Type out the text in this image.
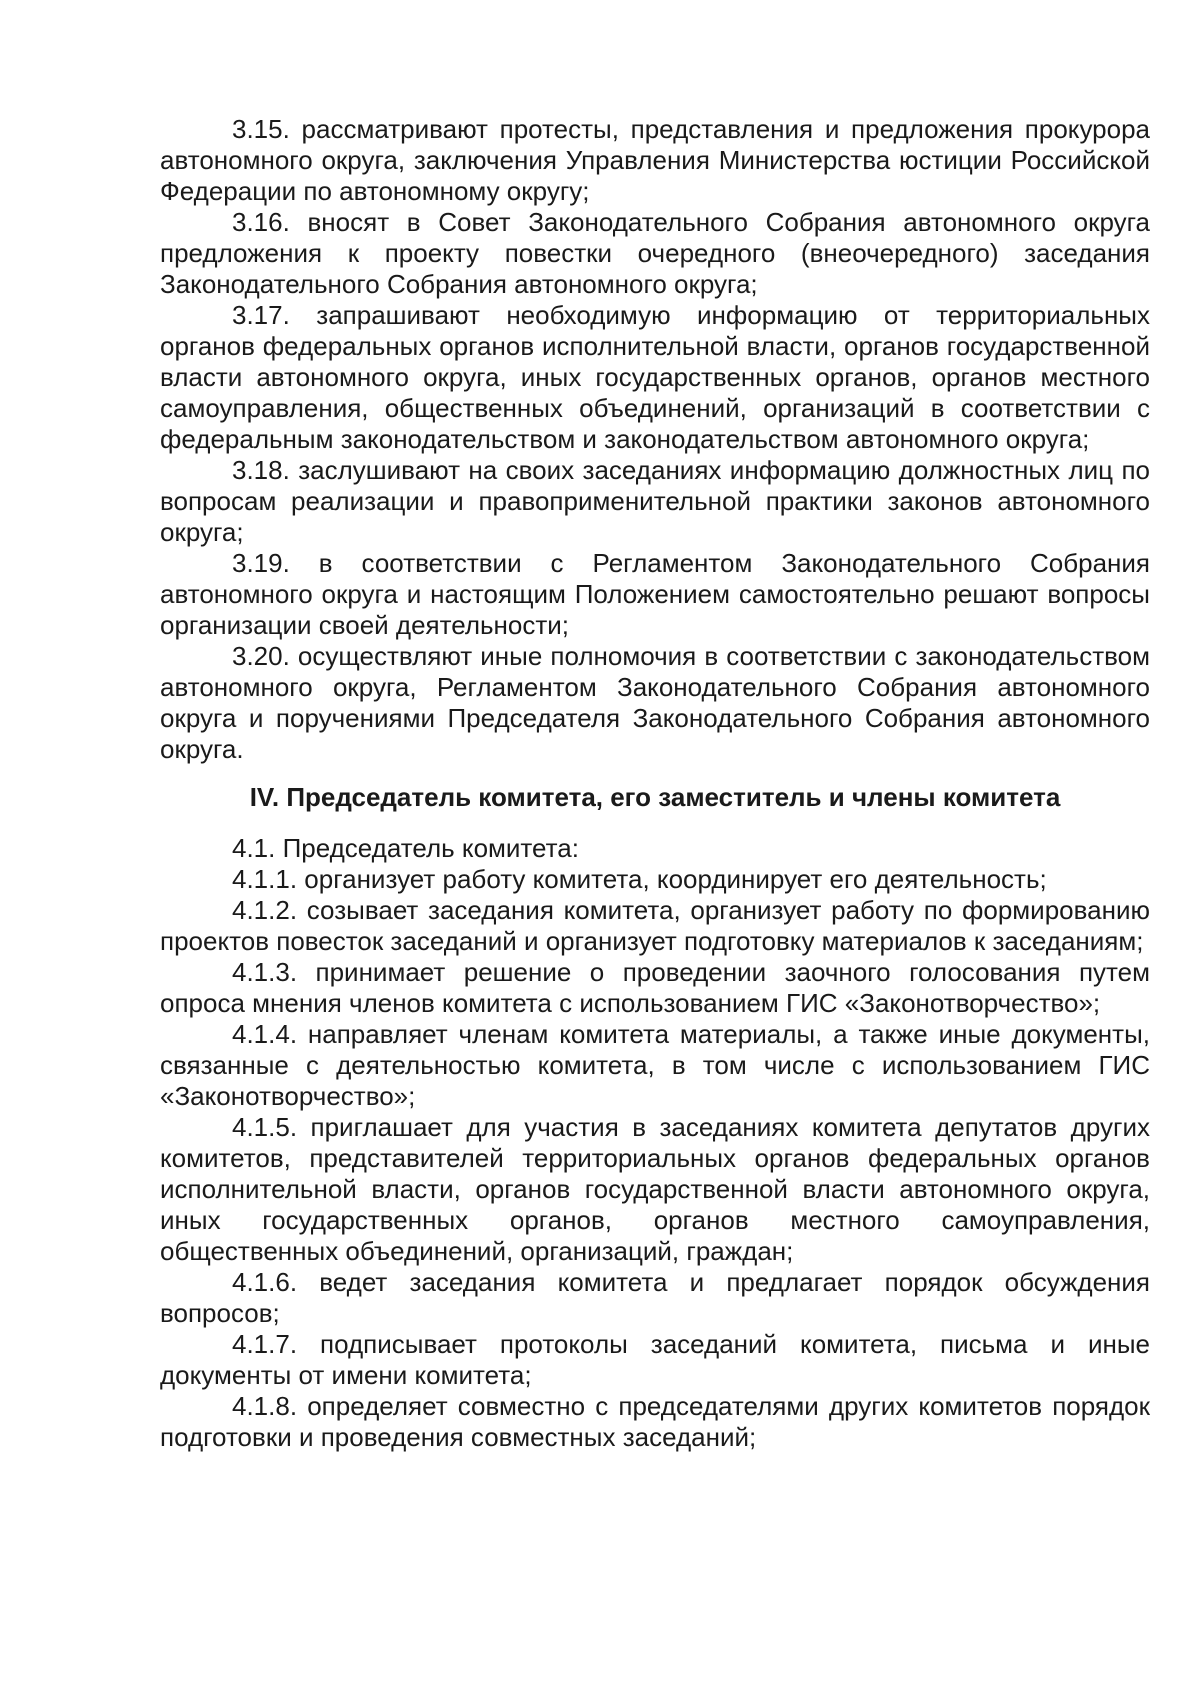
3.15. рассматривают протесты, представления и предложения прокурора автономного округа, заключения Управления Министерства юстиции Российской Федерации по автономному округу;

3.16. вносят в Совет Законодательного Собрания автономного округа предложения к проекту повестки очередного (внеочередного) заседания Законодательного Собрания автономного округа;

3.17. запрашивают необходимую информацию от территориальных органов федеральных органов исполнительной власти, органов государственной власти автономного округа, иных государственных органов, органов местного самоуправления, общественных объединений, организаций в соответствии с федеральным законодательством и законодательством автономного округа;

3.18. заслушивают на своих заседаниях информацию должностных лиц по вопросам реализации и правоприменительной практики законов автономного округа;

3.19. в соответствии с Регламентом Законодательного Собрания автономного округа и настоящим Положением самостоятельно решают вопросы организации своей деятельности;

3.20. осуществляют иные полномочия в соответствии с законодательством автономного округа, Регламентом Законодательного Собрания автономного округа и поручениями Председателя Законодательного Собрания автономного округа.

IV. Председатель комитета, его заместитель и члены комитета

4.1. Председатель комитета:

4.1.1. организует работу комитета, координирует его деятельность;

4.1.2. созывает заседания комитета, организует работу по формированию проектов повесток заседаний и организует подготовку материалов к заседаниям;

4.1.3. принимает решение о проведении заочного голосования путем опроса мнения членов комитета с использованием ГИС «Законотворчество»;

4.1.4. направляет членам комитета материалы, а также иные документы, связанные с деятельностью комитета, в том числе с использованием ГИС «Законотворчество»;

4.1.5. приглашает для участия в заседаниях комитета депутатов других комитетов, представителей территориальных органов федеральных органов исполнительной власти, органов государственной власти автономного округа, иных государственных органов, органов местного самоуправления, общественных объединений, организаций, граждан;

4.1.6. ведет заседания комитета и предлагает порядок обсуждения вопросов;

4.1.7. подписывает протоколы заседаний комитета, письма и иные документы от имени комитета;

4.1.8. определяет совместно с председателями других комитетов порядок подготовки и проведения совместных заседаний;
